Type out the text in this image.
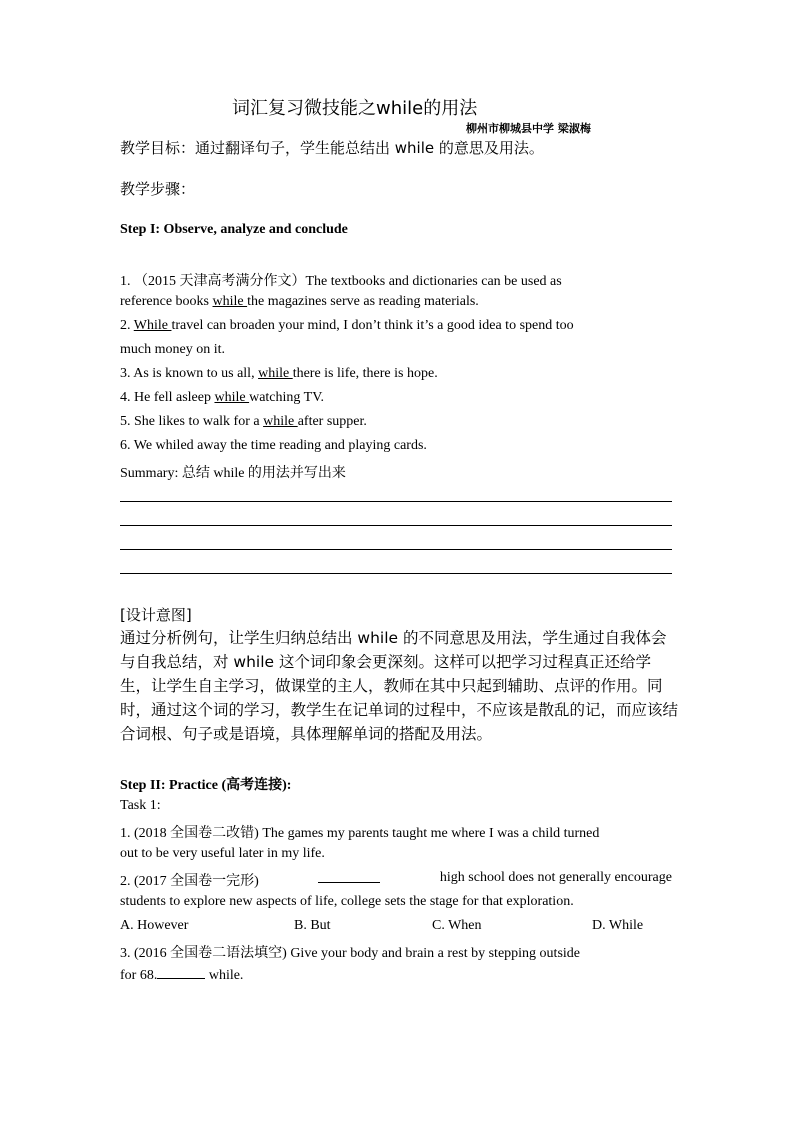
词汇复习微技能之while的用法
柳州市柳城县中学 梁淑梅
教学目标：通过翻译句子，学生能总结出 while 的意思及用法。
教学步骤：
Step I: Observe, analyze and conclude
1. （2015 天津高考满分作文）The textbooks and dictionaries can be used as
reference books while the magazines serve as reading materials.
2. While travel can broaden your mind, I don’t think it’s a good idea to spend too
much money on it.
3. As is known to us all, while there is life, there is hope.
4. He fell asleep while watching TV.
5. She likes to walk for a while after supper.
6. We whiled away the time reading and playing cards.
Summary: 总结 while 的用法并写出来
[设计意图]
通过分析例句，让学生归纳总结出 while 的不同意思及用法，学生通过自我体会与自我总结，对 while 这个词印象会更深刻。这样可以把学习过程真正还给学生，让学生自主学习，做课堂的主人，教师在其中只起到辅助、点评的作用。同时，通过这个词的学习，教学生在记单词的过程中，不应该是散乱的记，而应该结合词根、句子或是语境，具体理解单词的搭配及用法。
Step II: Practice (高考连接):
Task 1:
1. (2018 全国卷二改错) The games my parents taught me where I was a child turned
out to be very useful later in my life.
2. (2017 全国卷一完形)	high school does not generally encourage
students to explore new aspects of life, college sets the stage for that exploration.
A. However	B. But	C. When	D. While
3. (2016 全国卷二语法填空) Give your body and brain a rest by stepping outside
for 68.	while.
